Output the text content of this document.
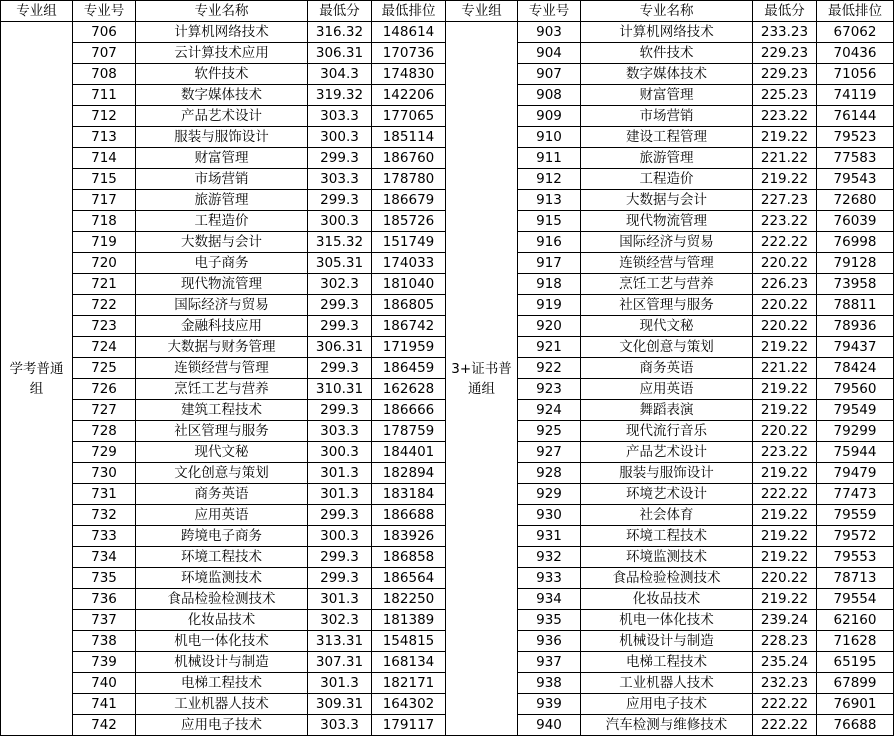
专业组	专业号	专业名称	最低分	最低排位	专业组	专业号	专业名称	最低分	最低排位
学考普通组	706	计算机网络技术	316.32	148614	3+证书普通组	903	计算机网络技术	233.23	67062
	707	云计算技术应用	306.31	170736		904	软件技术	229.23	70436
	708	软件技术	304.3	174830		907	数字媒体技术	229.23	71056
	711	数字媒体技术	319.32	142206		908	财富管理	225.23	74119
	712	产品艺术设计	303.3	177065		909	市场营销	223.22	76144
	713	服装与服饰设计	300.3	185114		910	建设工程管理	219.22	79523
	714	财富管理	299.3	186760		911	旅游管理	221.22	77583
	715	市场营销	303.3	178780		912	工程造价	219.22	79543
	717	旅游管理	299.3	186679		913	大数据与会计	227.23	72680
	718	工程造价	300.3	185726		915	现代物流管理	223.22	76039
	719	大数据与会计	315.32	151749		916	国际经济与贸易	222.22	76998
	720	电子商务	305.31	174033		917	连锁经营与管理	220.22	79128
	721	现代物流管理	302.3	181040		918	烹饪工艺与营养	226.23	73958
	722	国际经济与贸易	299.3	186805		919	社区管理与服务	220.22	78811
	723	金融科技应用	299.3	186742		920	现代文秘	220.22	78936
	724	大数据与财务管理	306.31	171959		921	文化创意与策划	219.22	79437
	725	连锁经营与管理	299.3	186459		922	商务英语	221.22	78424
	726	烹饪工艺与营养	310.31	162628		923	应用英语	219.22	79560
	727	建筑工程技术	299.3	186666		924	舞蹈表演	219.22	79549
	728	社区管理与服务	303.3	178759		925	现代流行音乐	220.22	79299
	729	现代文秘	300.3	184401		927	产品艺术设计	223.22	75944
	730	文化创意与策划	301.3	182894		928	服装与服饰设计	219.22	79479
	731	商务英语	301.3	183184		929	环境艺术设计	222.22	77473
	732	应用英语	299.3	186688		930	社会体育	219.22	79559
	733	跨境电子商务	300.3	183926		931	环境工程技术	219.22	79572
	734	环境工程技术	299.3	186858		932	环境监测技术	219.22	79553
	735	环境监测技术	299.3	186564		933	食品检验检测技术	220.22	78713
	736	食品检验检测技术	301.3	182250		934	化妆品技术	219.22	79554
	737	化妆品技术	302.3	181389		935	机电一体化技术	239.24	62160
	738	机电一体化技术	313.31	154815		936	机械设计与制造	228.23	71628
	739	机械设计与制造	307.31	168134		937	电梯工程技术	235.24	65195
	740	电梯工程技术	301.3	182171		938	工业机器人技术	232.23	67899
	741	工业机器人技术	309.31	164302		939	应用电子技术	222.22	76901
	742	应用电子技术	303.3	179117		940	汽车检测与维修技术	222.22	76688
